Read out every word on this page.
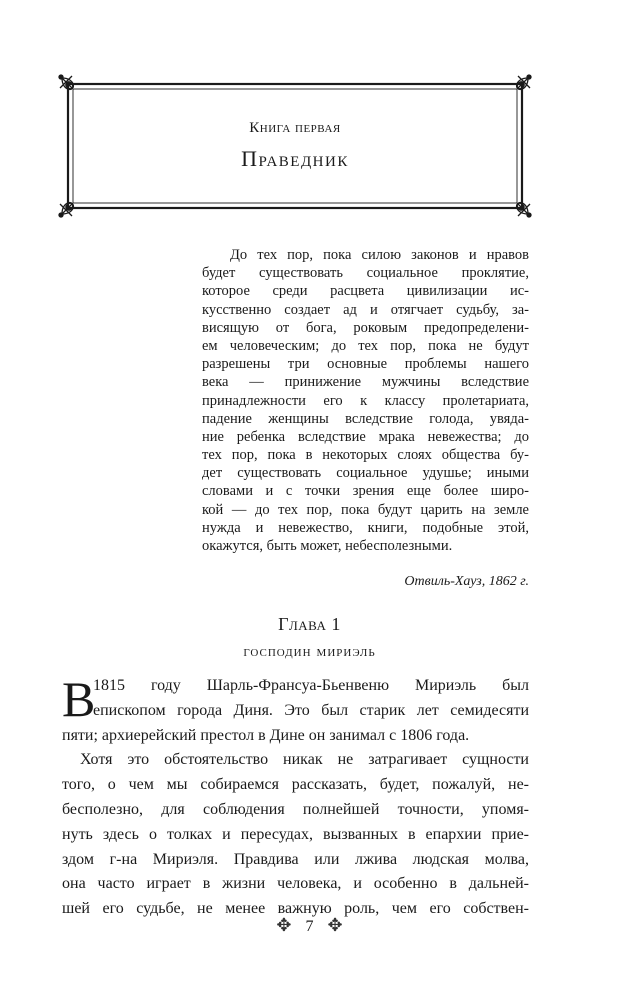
Книга первая
Праведник
До тех пор, пока силою законов и нравов
будет существовать социальное проклятие,
которое среди расцвета цивилизации ис-
кусственно создает ад и отягчает судьбу, за-
висящую от бога, роковым предопределени-
ем человеческим; до тех пор, пока не будут
разрешены три основные проблемы нашего
века — принижение мужчины вследствие
принадлежности его к классу пролетариата,
падение женщины вследствие голода, увяда-
ние ребенка вследствие мрака невежества; до
тех пор, пока в некоторых слоях общества бу-
дет существовать социальное удушье; иными
словами и с точки зрения еще более широ-
кой — до тех пор, пока будут царить на земле
нужда и невежество, книги, подобные этой,
окажутся, быть может, небесполезными.
Отвиль-Хауз, 1862 г.
Глава 1
господин мириэль
В
1815 году Шарль-Франсуа-Бьенвеню Мириэль был
епископом города Диня. Это был старик лет семидесяти
пяти; архиерейский престол в Дине он занимал с 1806 года.
Хотя это обстоятельство никак не затрагивает сущности
того, о чем мы собираемся рассказать, будет, пожалуй, не-
бесполезно, для соблюдения полнейшей точности, упомя-
нуть здесь о толках и пересудах, вызванных в епархии прие-
здом г-на Мириэля. Правдива или лжива людская молва,
она часто играет в жизни человека, и особенно в дальней-
шей его судьбе, не менее важную роль, чем его собствен-
✥ 7 ✥
